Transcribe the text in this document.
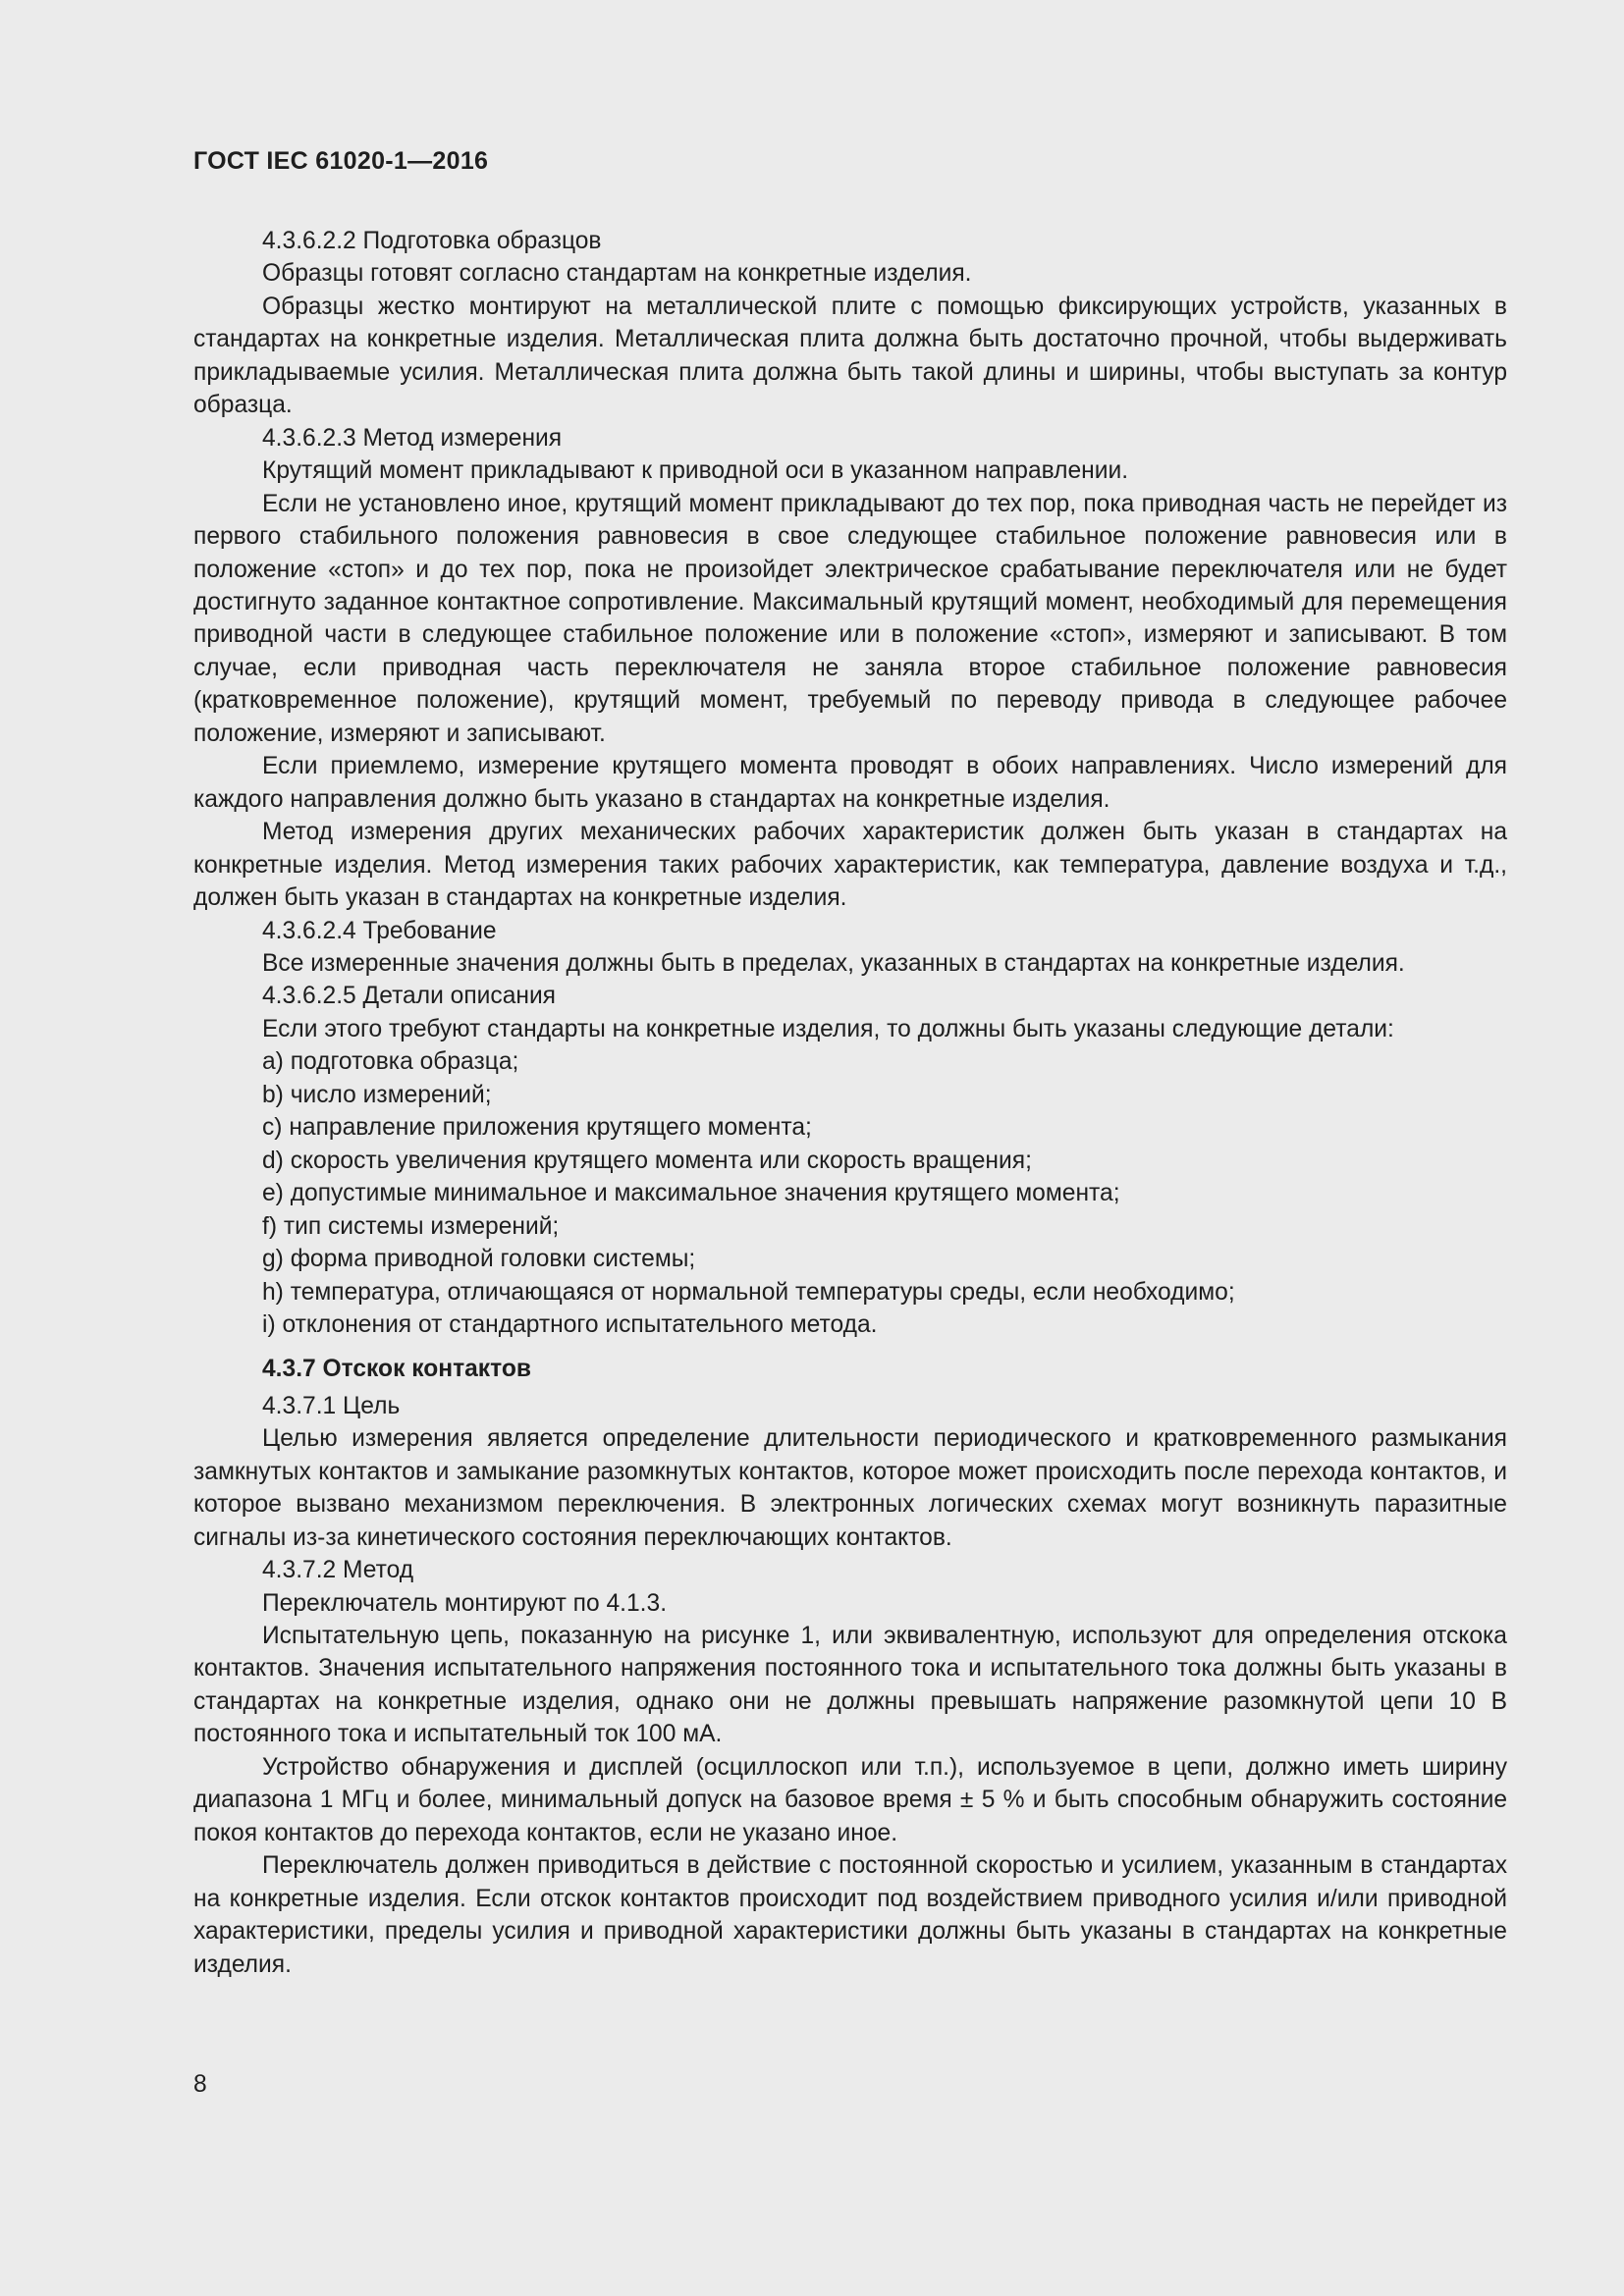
ГОСТ IEC 61020-1—2016

4.3.6.2.2 Подготовка образцов

Образцы готовят согласно стандартам на конкретные изделия.

Образцы жестко монтируют на металлической плите с помощью фиксирующих устройств, указанных в стандартах на конкретные изделия. Металлическая плита должна быть достаточно прочной, чтобы выдерживать прикладываемые усилия. Металлическая плита должна быть такой длины и ширины, чтобы выступать за контур образца.

4.3.6.2.3 Метод измерения

Крутящий момент прикладывают к приводной оси в указанном направлении.

Если не установлено иное, крутящий момент прикладывают до тех пор, пока приводная часть не перейдет из первого стабильного положения равновесия в свое следующее стабильное положение равновесия или в положение «стоп» и до тех пор, пока не произойдет электрическое срабатывание переключателя или не будет достигнуто заданное контактное сопротивление. Максимальный крутящий момент, необходимый для перемещения приводной части в следующее стабильное положение или в положение «стоп», измеряют и записывают. В том случае, если приводная часть переключателя не заняла второе стабильное положение равновесия (кратковременное положение), крутящий момент, требуемый по переводу привода в следующее рабочее положение, измеряют и записывают.

Если приемлемо, измерение крутящего момента проводят в обоих направлениях. Число измерений для каждого направления должно быть указано в стандартах на конкретные изделия.

Метод измерения других механических рабочих характеристик должен быть указан в стандартах на конкретные изделия. Метод измерения таких рабочих характеристик, как температура, давление воздуха и т.д., должен быть указан в стандартах на конкретные изделия.

4.3.6.2.4 Требование

Все измеренные значения должны быть в пределах, указанных в стандартах на конкретные изделия.

4.3.6.2.5 Детали описания

Если этого требуют стандарты на конкретные изделия, то должны быть указаны следующие детали:

a) подготовка образца;

b) число измерений;

c) направление приложения крутящего момента;

d) скорость увеличения крутящего момента или скорость вращения;

e) допустимые минимальное и максимальное значения крутящего момента;

f) тип системы измерений;

g) форма приводной головки системы;

h) температура, отличающаяся от нормальной температуры среды, если необходимо;

i) отклонения от стандартного испытательного метода.

4.3.7 Отскок контактов

4.3.7.1 Цель

Целью измерения является определение длительности периодического и кратковременного размыкания замкнутых контактов и замыкание разомкнутых контактов, которое может происходить после перехода контактов, и которое вызвано механизмом переключения. В электронных логических схемах могут возникнуть паразитные сигналы из-за кинетического состояния переключающих контактов.

4.3.7.2 Метод

Переключатель монтируют по 4.1.3.

Испытательную цепь, показанную на рисунке 1, или эквивалентную, используют для определения отскока контактов. Значения испытательного напряжения постоянного тока и испытательного тока должны быть указаны в стандартах на конкретные изделия, однако они не должны превышать напряжение разомкнутой цепи 10 В постоянного тока и испытательный ток 100 мА.

Устройство обнаружения и дисплей (осциллоскоп или т.п.), используемое в цепи, должно иметь ширину диапазона 1 МГц и более, минимальный допуск на базовое время ± 5 % и быть способным обнаружить состояние покоя контактов до перехода контактов, если не указано иное.

Переключатель должен приводиться в действие с постоянной скоростью и усилием, указанным в стандартах на конкретные изделия. Если отскок контактов происходит под воздействием приводного усилия и/или приводной характеристики, пределы усилия и приводной характеристики должны быть указаны в стандартах на конкретные изделия.

8
